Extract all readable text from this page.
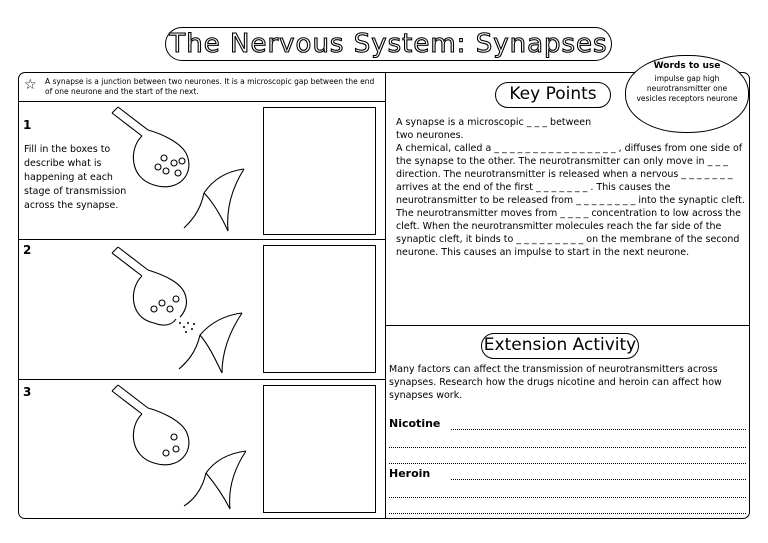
The Nervous System: Synapses
Words to use
impulse gap high neurotransmitter one vesicles receptors neurone
☆ A synapse is a junction between two neurones. It is a microscopic gap between the end of one neurone and the start of the next.
1
Fill in the boxes to describe what is happening at each stage of transmission across the synapse.
2
3
Key Points
A synapse is a microscopic _ _ _ between
two neurones.
A chemical, called a _ _ _ _ _ _ _ _ _ _ _ _ _ _ _ _ , diffuses from one side of the synapse to the other. The neurotransmitter can only move in _ _ _ direction. The neurotransmitter is released when a nervous _ _ _ _ _ _ _ arrives at the end of the first _ _ _ _ _ _ _ . This causes the neurotransmitter to be released from _ _ _ _ _ _ _ _ into the synaptic cleft. The neurotransmitter moves from _ _ _ _ concentration to low across the cleft. When the neurotransmitter molecules reach the far side of the synaptic cleft, it binds to _ _ _ _ _ _ _ _ _ on the membrane of the second neurone. This causes an impulse to start in the next neurone.
Extension Activity
Many factors can affect the transmission of neurotransmitters across synapses. Research how the drugs nicotine and heroin can affect how synapses work.
Nicotine
Heroin
